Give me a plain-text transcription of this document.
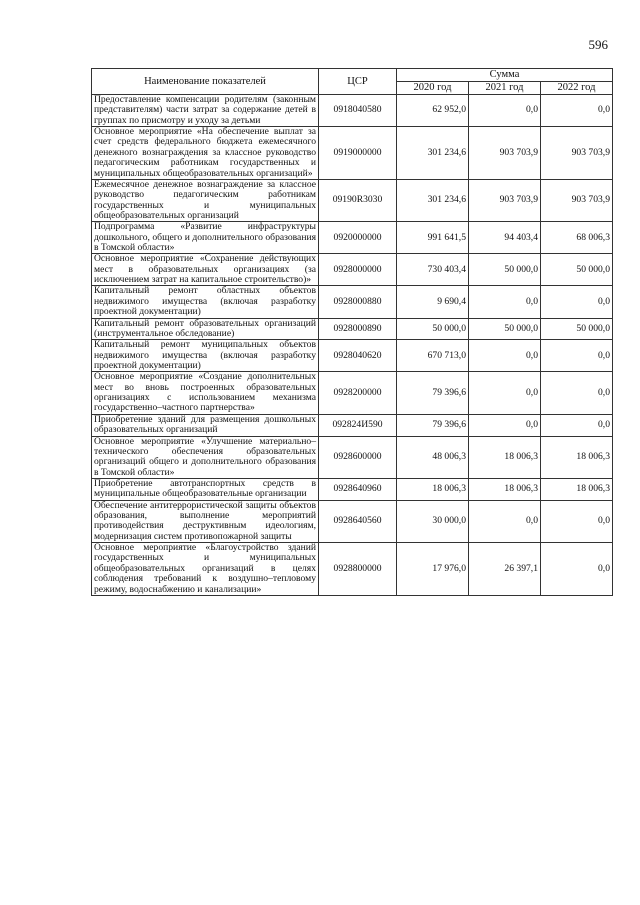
596
Наименование показателей	ЦСР	Сумма		
		2020 год	2021 год	2022 год
Предоставление компенсации родителям (законным представителям) части затрат за содержание детей в группах по присмотру и уходу за детьми	0918040580	62 952,0	0,0	0,0
Основное мероприятие «На обеспечение выплат за счет средств федерального бюджета ежемесячного денежного вознаграждения за классное руководство педагогическим работникам государственных и муниципальных общеобразовательных организаций»	0919000000	301 234,6	903 703,9	903 703,9
Ежемесячное денежное вознаграждение за классное руководство педагогическим работникам государственных и муниципальных общеобразовательных организаций	09190R3030	301 234,6	903 703,9	903 703,9
Подпрограмма «Развитие инфраструктуры дошкольного, общего и дополнительного образования в Томской области»	0920000000	991 641,5	94 403,4	68 006,3
Основное мероприятие «Сохранение действующих мест в образовательных организациях (за исключением затрат на капитальное строительство)»	0928000000	730 403,4	50 000,0	50 000,0
Капитальный ремонт областных объектов недвижимого имущества (включая разработку проектной документации)	0928000880	9 690,4	0,0	0,0
Капитальный ремонт образовательных организаций (инструментальное обследование)	0928000890	50 000,0	50 000,0	50 000,0
Капитальный ремонт муниципальных объектов недвижимого имущества (включая разработку проектной документации)	0928040620	670 713,0	0,0	0,0
Основное мероприятие «Создание дополнительных мест во вновь построенных образовательных организациях с использованием механизма государственно–частного партнерства»	0928200000	79 396,6	0,0	0,0
Приобретение зданий для размещения дошкольных образовательных организаций	092824И590	79 396,6	0,0	0,0
Основное мероприятие «Улучшение материально–технического обеспечения образовательных организаций общего и дополнительного образования в Томской области»	0928600000	48 006,3	18 006,3	18 006,3
Приобретение автотранспортных средств в муниципальные общеобразовательные организации	0928640960	18 006,3	18 006,3	18 006,3
Обеспечение антитеррористической защиты объектов образования, выполнение мероприятий противодействия деструктивным идеологиям, модернизация систем противопожарной защиты	0928640560	30 000,0	0,0	0,0
Основное мероприятие «Благоустройство зданий государственных и муниципальных общеобразовательных организаций в целях соблюдения требований к воздушно–тепловому режиму, водоснабжению и канализации»	0928800000	17 976,0	26 397,1	0,0
